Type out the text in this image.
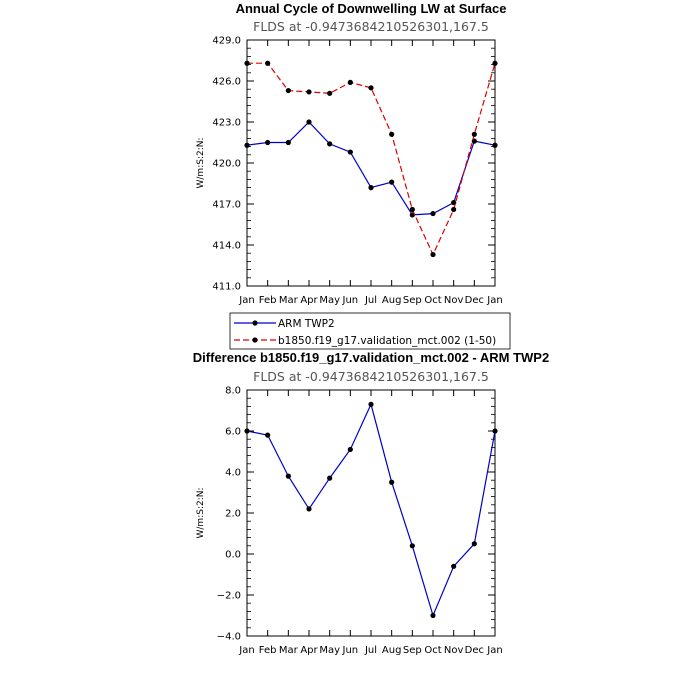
Annual Cycle of Downwelling LW at Surface
FLDS at -0.9473684210526301,167.5
W/m:S:2:N:
Jan Feb Mar Apr May Jun Jul Aug Sep Oct Nov Dec Jan
411.0
414.0
417.0
420.0
423.0
426.0
429.0
ARM TWP2
b1850.f19_g17.validation_mct.002 (1-50)
Difference b1850.f19_g17.validation_mct.002 - ARM TWP2
FLDS at -0.9473684210526301,167.5
W/m:S:2:N:
Jan Feb Mar Apr May Jun Jul Aug Sep Oct Nov Dec Jan
−4.0
−2.0
0.0
2.0
4.0
6.0
8.0
